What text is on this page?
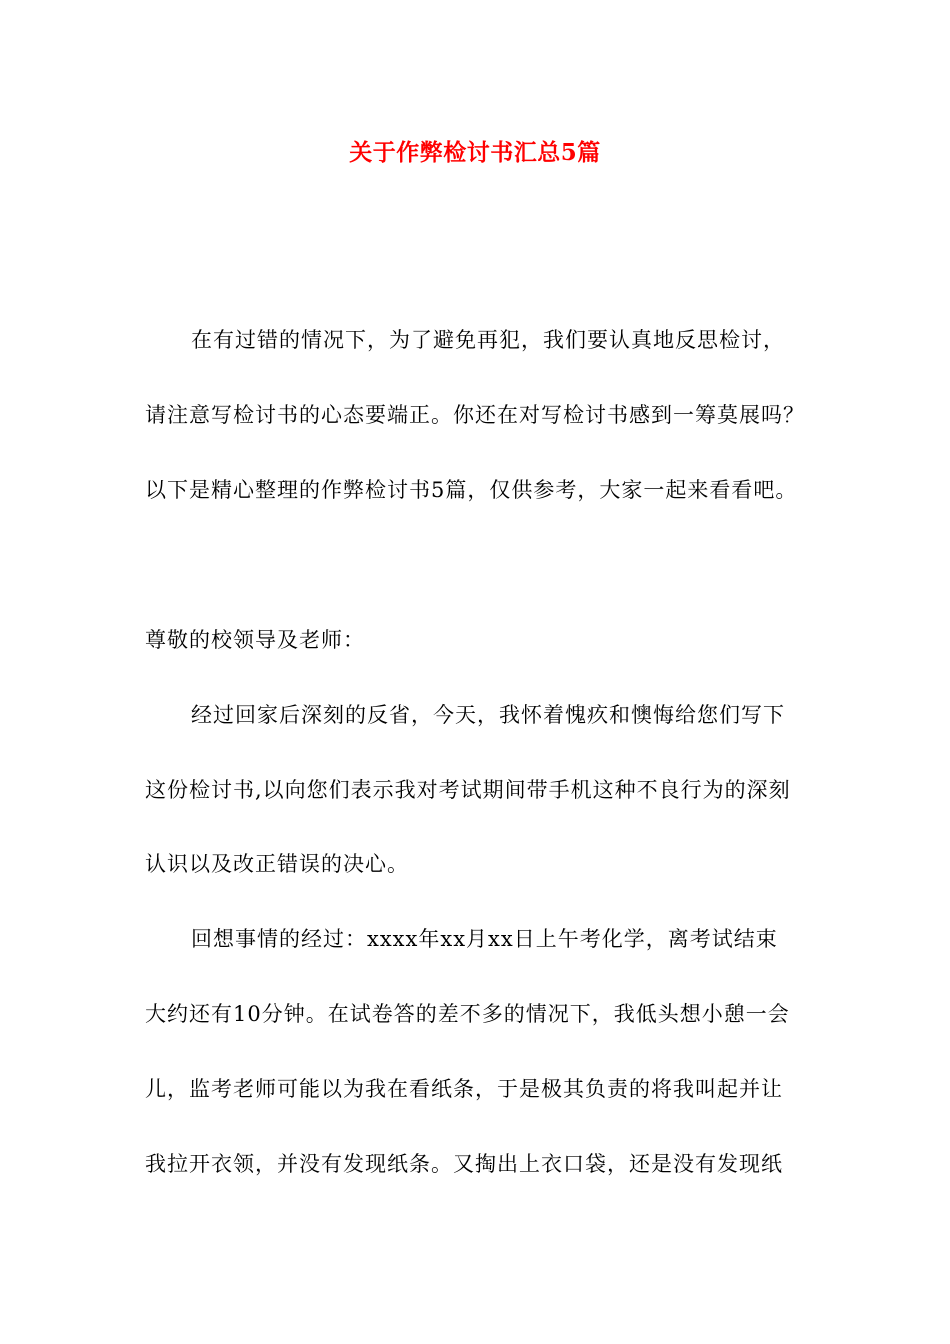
关于作弊检讨书汇总5篇
在有过错的情况下，为了避免再犯，我们要认真地反思检讨，
请注意写检讨书的心态要端正。你还在对写检讨书感到一筹莫展吗？
以下是精心整理的作弊检讨书5篇，仅供参考，大家一起来看看吧。
尊敬的校领导及老师：
经过回家后深刻的反省，今天，我怀着愧疚和懊悔给您们写下
这份检讨书,以向您们表示我对考试期间带手机这种不良行为的深刻
认识以及改正错误的决心。
回想事情的经过：xxxx年xx月xx日上午考化学，离考试结束
大约还有10分钟。在试卷答的差不多的情况下，我低头想小憩一会
儿，监考老师可能以为我在看纸条，于是极其负责的将我叫起并让
我拉开衣领，并没有发现纸条。又掏出上衣口袋，还是没有发现纸
